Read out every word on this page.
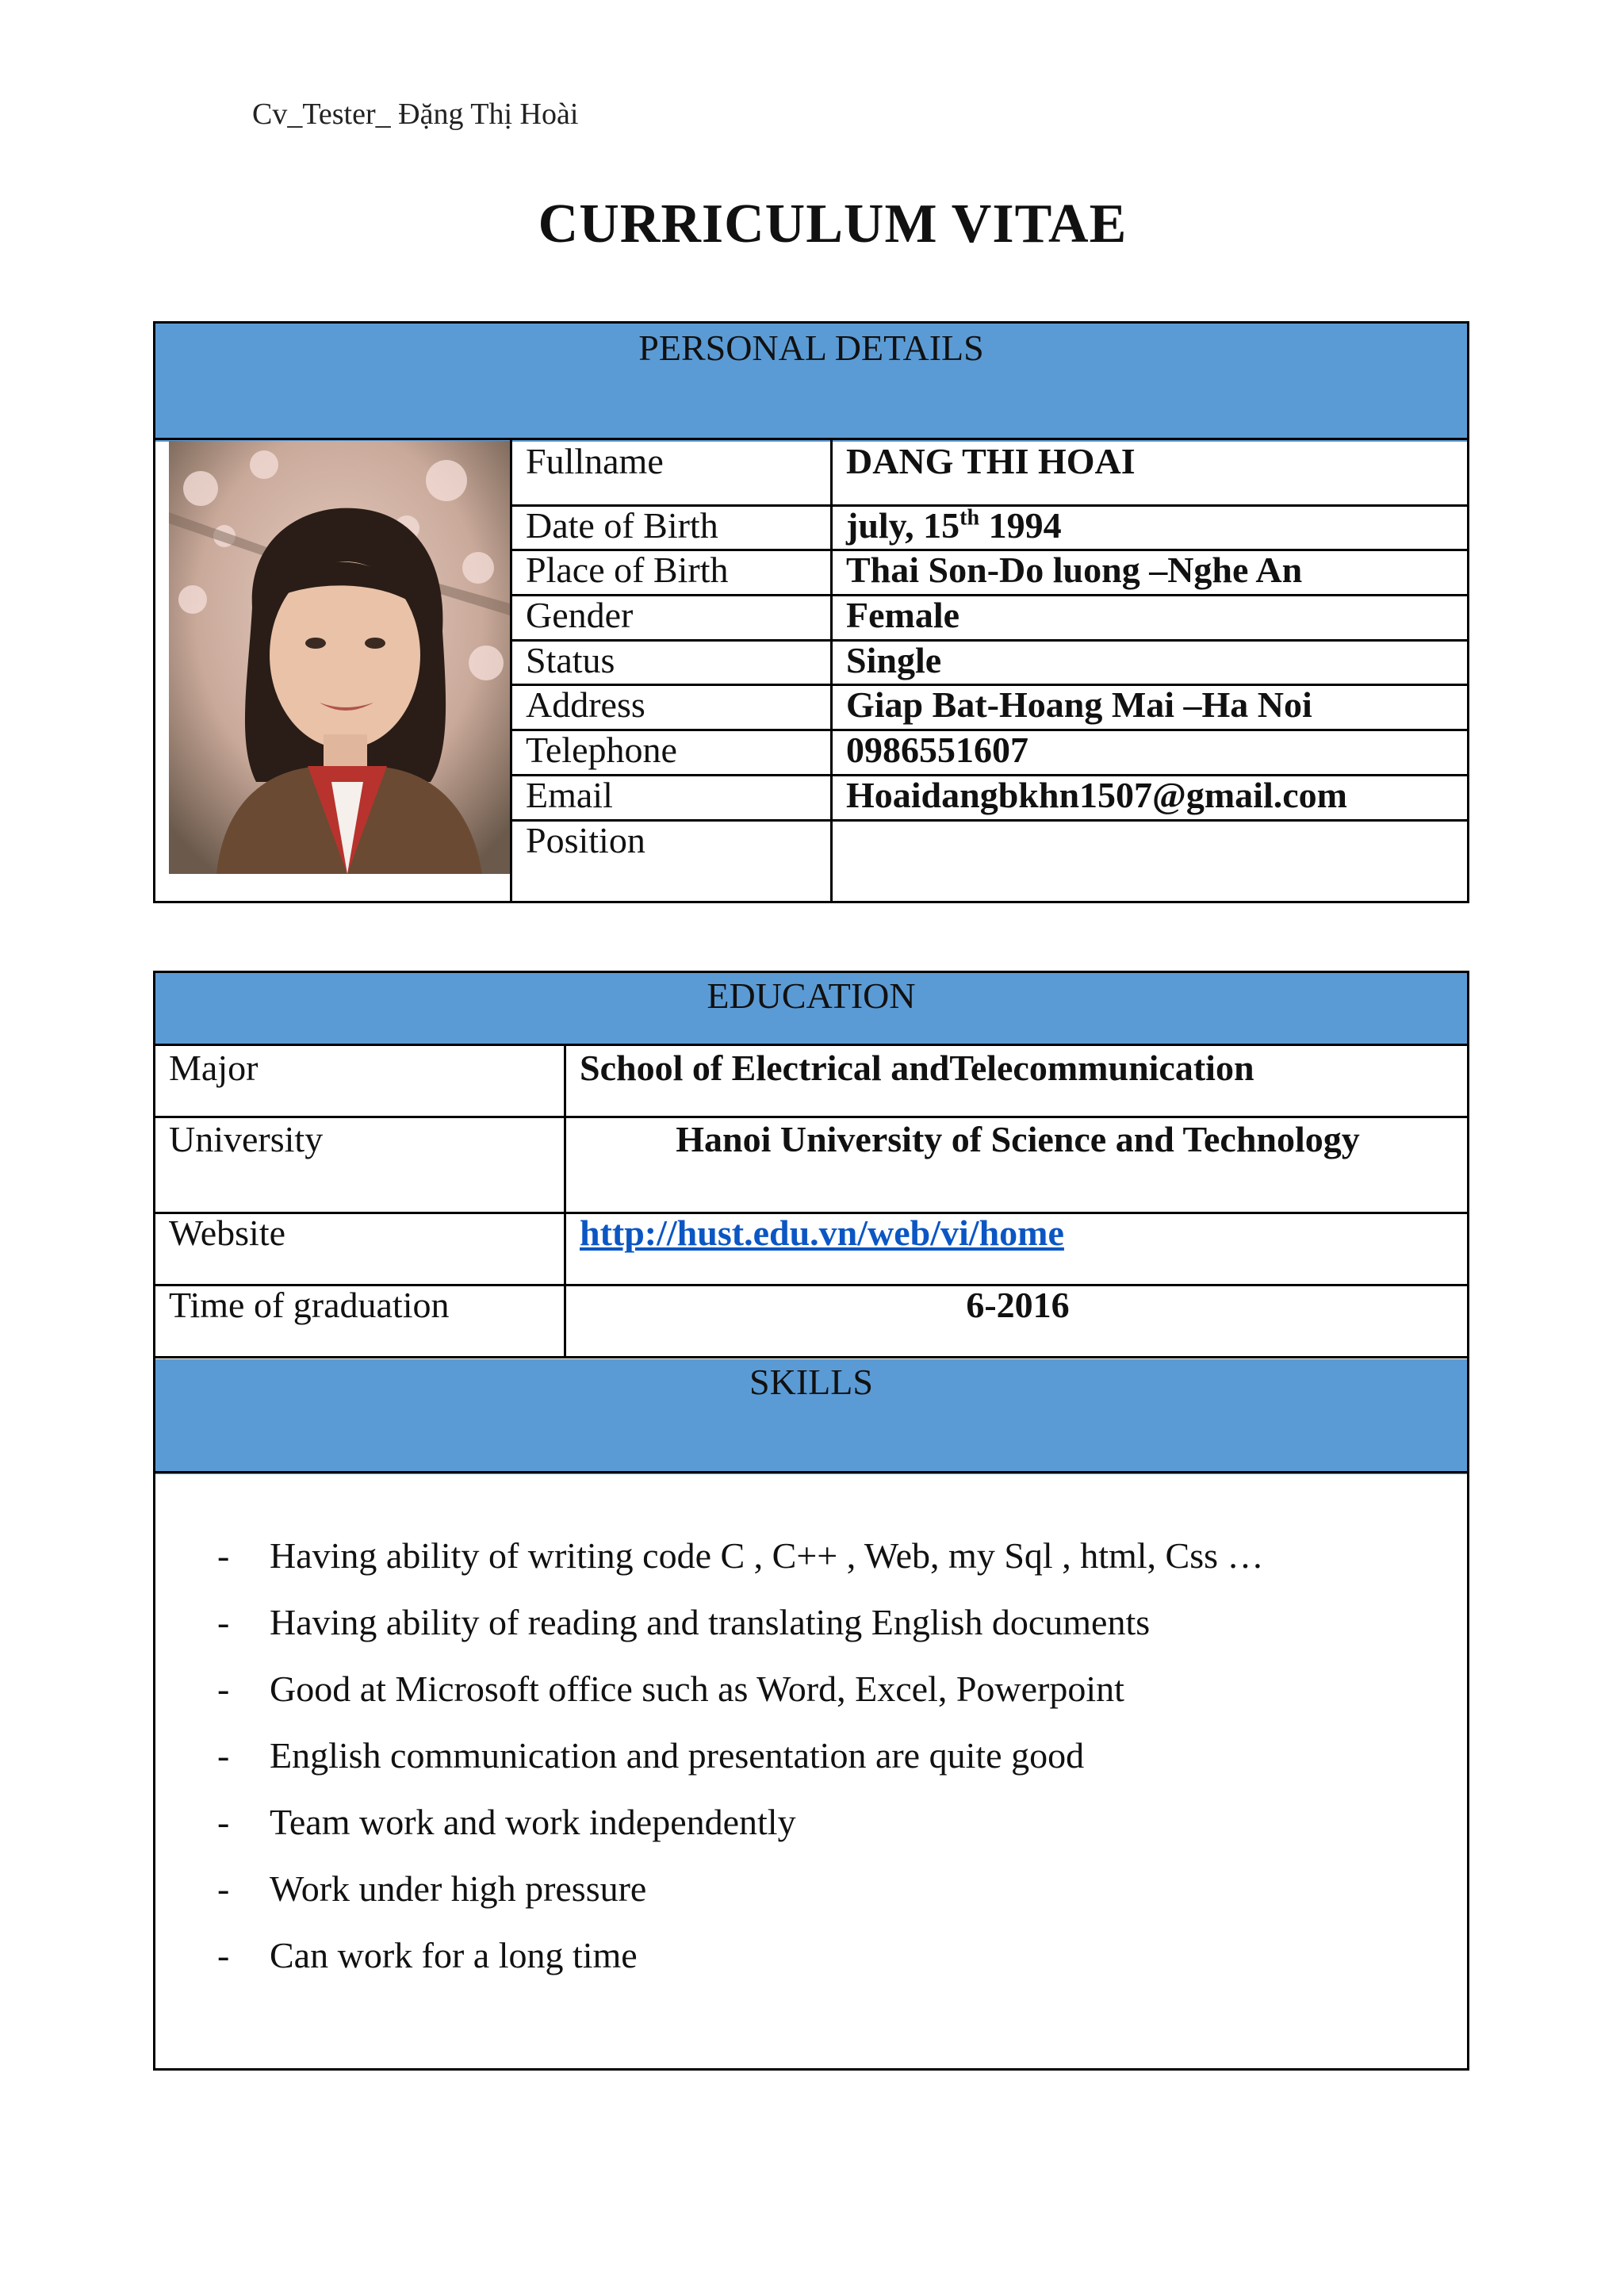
Cv_Tester_ Đặng Thị Hoài
CURRICULUM VITAE
PERSONAL DETAILS
Fullname	DANG THI HOAI
Date of Birth	july, 15th 1994
Place of Birth	Thai Son-Do luong –Nghe An
Gender	Female
Status	Single
Address	Giap Bat-Hoang Mai –Ha Noi
Telephone	0986551607
Email	Hoaidangbkhn1507@gmail.com
Position
EDUCATION
SKILLS
Major	School of Electrical andTelecommunication
University	Hanoi University of Science and Technology
Website	http://hust.edu.vn/web/vi/home
Time of graduation	6-2016
- Having ability of writing code C , C++ , Web, my Sql , html, Css …
- Having ability of reading and translating English documents
- Good at Microsoft office such as Word, Excel, Powerpoint
- English communication and presentation are quite good
- Team work and work independently
- Work under high pressure
- Can work for a long time
